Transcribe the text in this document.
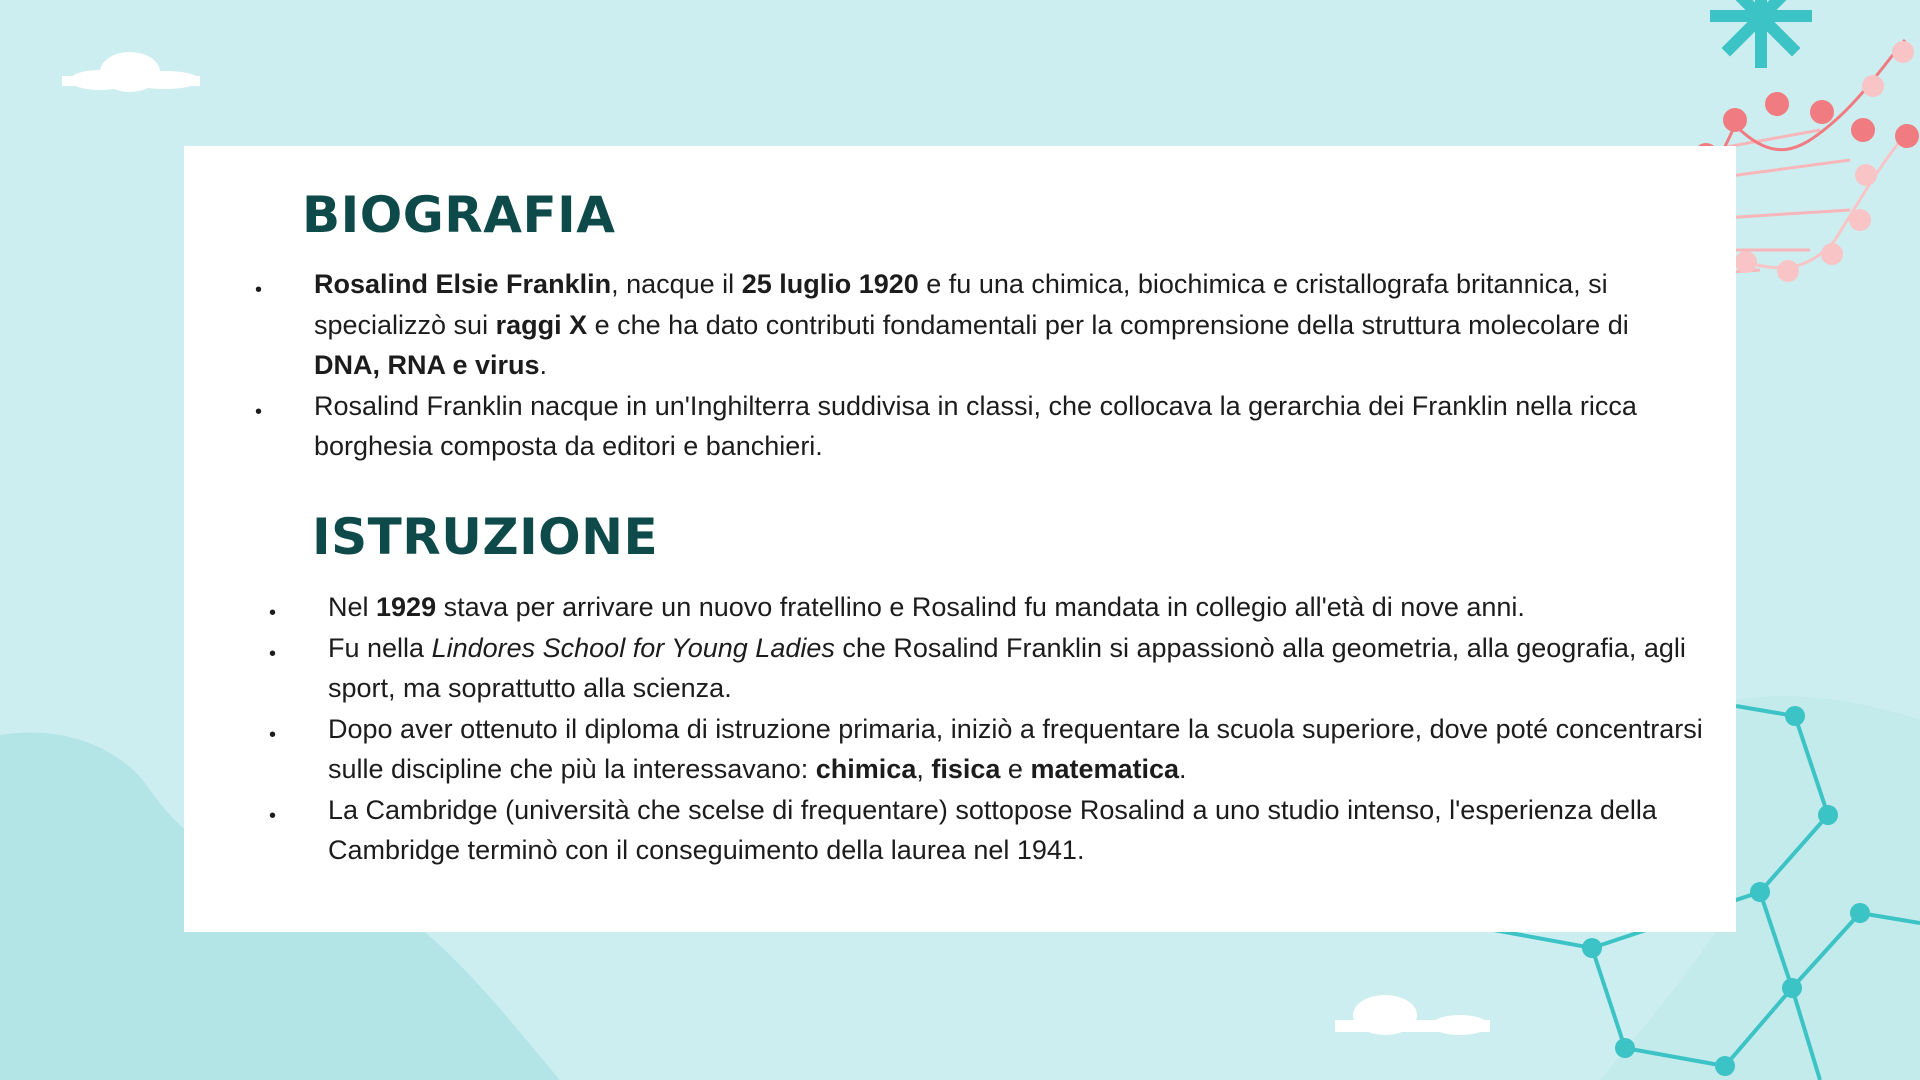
BIOGRAFIA
• Rosalind Elsie Franklin, nacque il 25 luglio 1920 e fu una chimica, biochimica e cristallografa britannica, si specializzò sui raggi X e che ha dato contributi fondamentali per la comprensione della struttura molecolare di DNA, RNA e virus.
• Rosalind Franklin nacque in un'Inghilterra suddivisa in classi, che collocava la gerarchia dei Franklin nella ricca borghesia composta da editori e banchieri.
ISTRUZIONE
• Nel 1929 stava per arrivare un nuovo fratellino e Rosalind fu mandata in collegio all'età di nove anni.
• Fu nella Lindores School for Young Ladies che Rosalind Franklin si appassionò alla geometria, alla geografia, agli sport, ma soprattutto alla scienza.
• Dopo aver ottenuto il diploma di istruzione primaria, iniziò a frequentare la scuola superiore, dove poté concentrarsi sulle discipline che più la interessavano: chimica, fisica e matematica.
• La Cambridge (università che scelse di frequentare) sottopose Rosalind a uno studio intenso, l'esperienza della Cambridge terminò con il conseguimento della laurea nel 1941.
